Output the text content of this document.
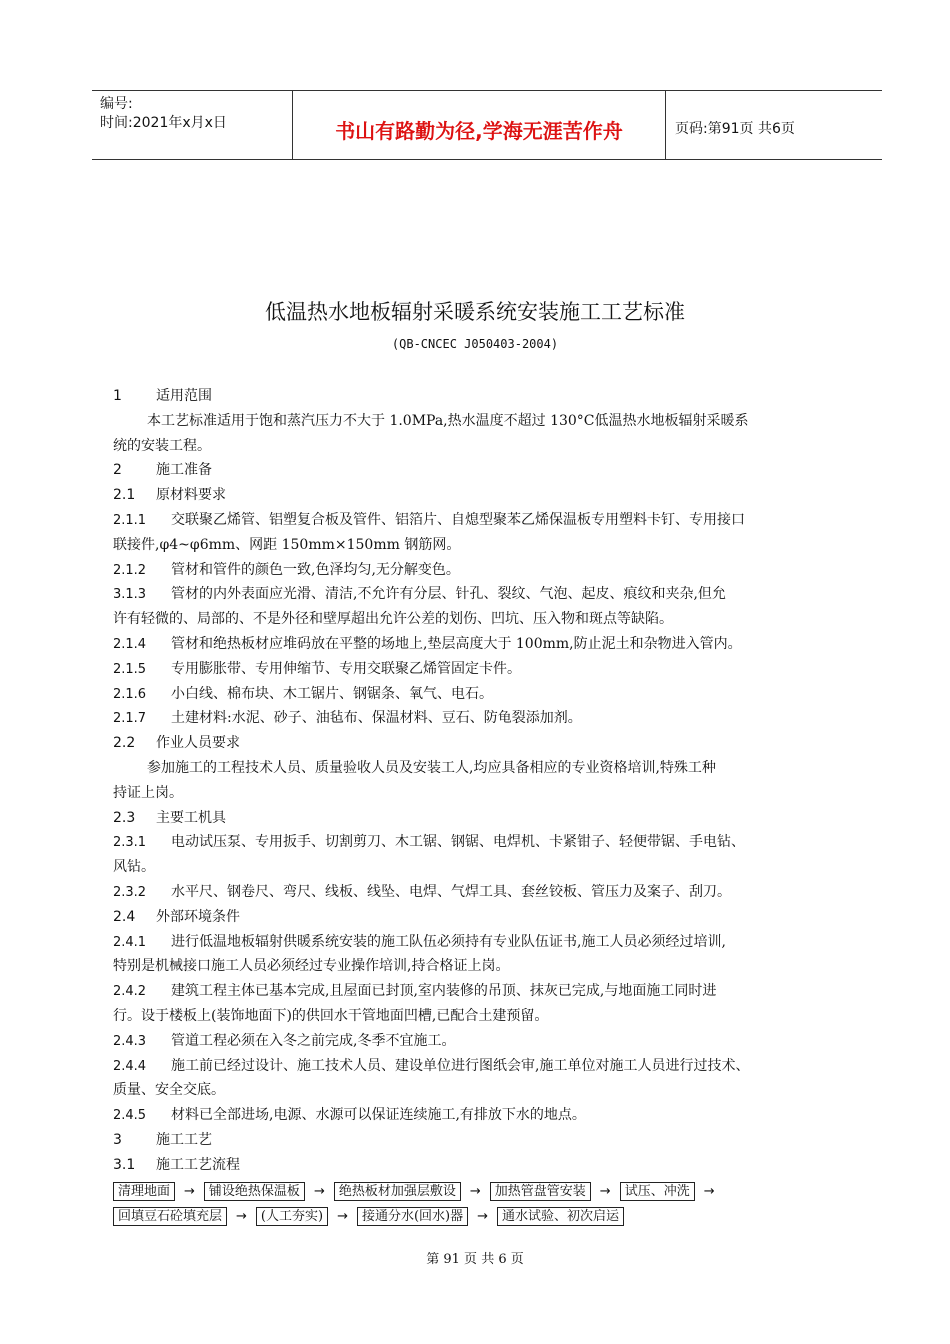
编号:
时间:2021年x月x日	书山有路勤为径,学海无涯苦作舟	页码:第91页 共6页
低温热水地板辐射采暖系统安装施工工艺标准
(QB-CNCEC J050403-2004)
1 适用范围
本工艺标准适用于饱和蒸汽压力不大于 1.0MPa,热水温度不超过 130°C低温热水地板辐射采暖系
统的安装工程。
2 施工准备
2.1 原材料要求
2.1.1 交联聚乙烯管、铝塑复合板及管件、铝箔片、自熄型聚苯乙烯保温板专用塑料卡钉、专用接口
联接件,φ4~φ6mm、网距 150mm×150mm 钢筋网。
2.1.2 管材和管件的颜色一致,色泽均匀,无分解变色。
3.1.3 管材的内外表面应光滑、清洁,不允许有分层、针孔、裂纹、气泡、起皮、痕纹和夹杂,但允
许有轻微的、局部的、不是外径和壁厚超出允许公差的划伤、凹坑、压入物和斑点等缺陷。
2.1.4 管材和绝热板材应堆码放在平整的场地上,垫层高度大于 100mm,防止泥土和杂物进入管内。
2.1.5 专用膨胀带、专用伸缩节、专用交联聚乙烯管固定卡件。
2.1.6 小白线、棉布块、木工锯片、钢锯条、氧气、电石。
2.1.7 土建材料:水泥、砂子、油毡布、保温材料、豆石、防龟裂添加剂。
2.2 作业人员要求
参加施工的工程技术人员、质量验收人员及安装工人,均应具备相应的专业资格培训,特殊工种
持证上岗。
2.3 主要工机具
2.3.1 电动试压泵、专用扳手、切割剪刀、木工锯、钢锯、电焊机、卡紧钳子、轻便带锯、手电钻、
风钻。
2.3.2 水平尺、钢卷尺、弯尺、线板、线坠、电焊、气焊工具、套丝铰板、管压力及案子、刮刀。
2.4 外部环境条件
2.4.1 进行低温地板辐射供暖系统安装的施工队伍必须持有专业队伍证书,施工人员必须经过培训,
特别是机械接口施工人员必须经过专业操作培训,持合格证上岗。
2.4.2 建筑工程主体已基本完成,且屋面已封顶,室内装修的吊顶、抹灰已完成,与地面施工同时进
行。设于楼板上(装饰地面下)的供回水干管地面凹槽,已配合土建预留。
2.4.3 管道工程必须在入冬之前完成,冬季不宜施工。
2.4.4 施工前已经过设计、施工技术人员、建设单位进行图纸会审,施工单位对施工人员进行过技术、
质量、安全交底。
2.4.5 材料已全部进场,电源、水源可以保证连续施工,有排放下水的地点。
3 施工工艺
3.1 施工工艺流程
清理地面 → 铺设绝热保温板 → 绝热板材加强层敷设 → 加热管盘管安装 → 试压、冲洗 →
回填豆石砼填充层 → (人工夯实) → 接通分水(回水)器 → 通水试验、初次启运
第 91 页 共 6 页
